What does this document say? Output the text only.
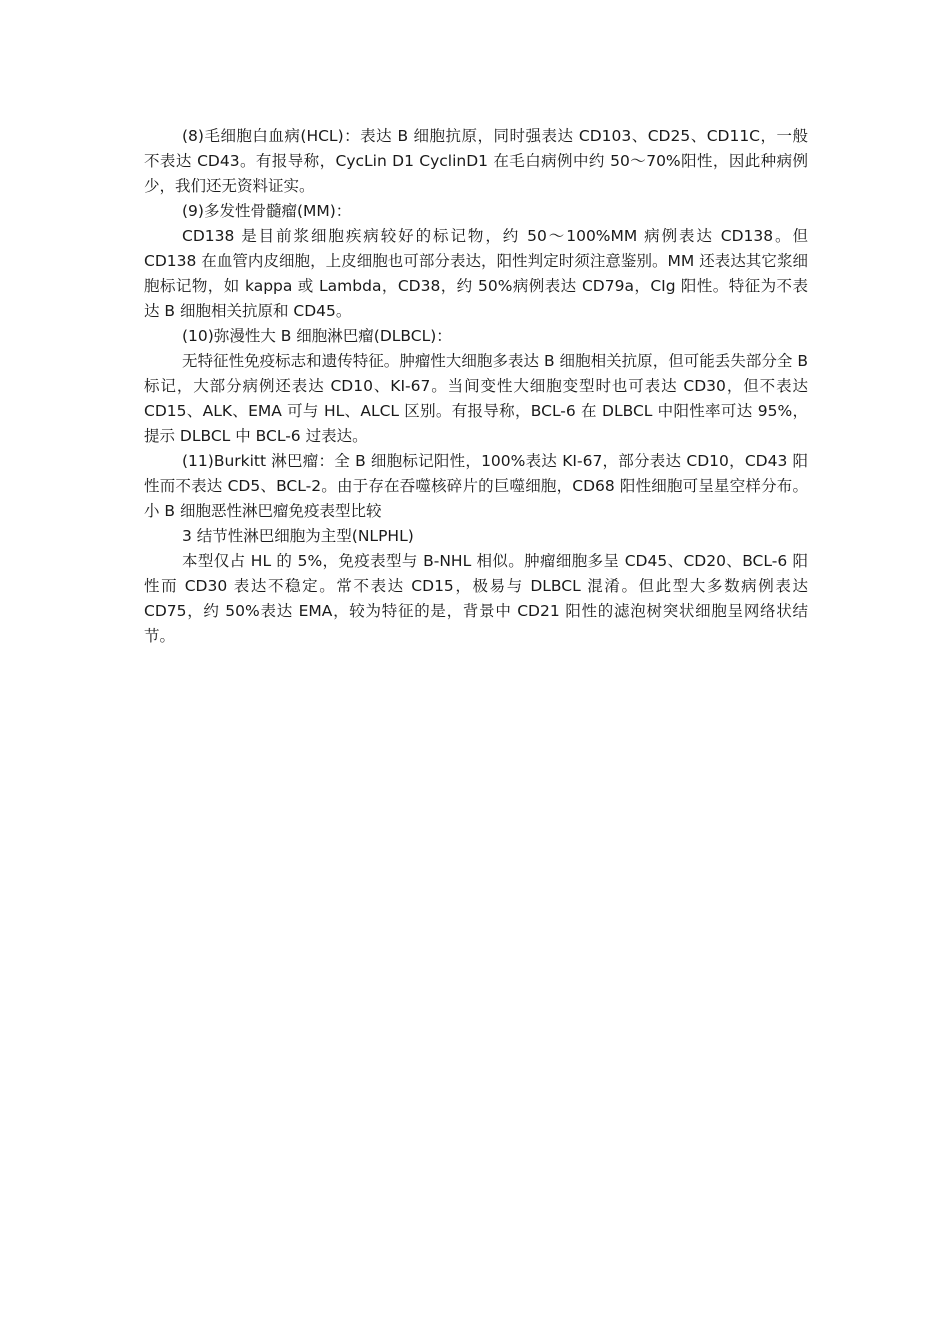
(8)毛细胞白血病(HCL)：表达 B 细胞抗原，同时强表达 CD103、CD25、CD11C，一般不表达 CD43。有报导称，CycLin D1 CyclinD1 在毛白病例中约 50～70%阳性，因此种病例少，我们还无资料证实。

(9)多发性骨髓瘤(MM)：

CD138 是目前浆细胞疾病较好的标记物，约 50～100%MM 病例表达 CD138。但 CD138 在血管内皮细胞，上皮细胞也可部分表达，阳性判定时须注意鉴别。MM 还表达其它浆细胞标记物，如 kappa 或 Lambda，CD38，约 50%病例表达 CD79a，CIg 阳性。特征为不表达 B 细胞相关抗原和 CD45。

(10)弥漫性大 B 细胞淋巴瘤(DLBCL)：

无特征性免疫标志和遗传特征。肿瘤性大细胞多表达 B 细胞相关抗原，但可能丢失部分全 B 标记，大部分病例还表达 CD10、KI-67。当间变性大细胞变型时也可表达 CD30，但不表达 CD15、ALK、EMA 可与 HL、ALCL 区别。有报导称，BCL-6 在 DLBCL 中阳性率可达 95%，提示 DLBCL 中 BCL-6 过表达。

(11)Burkitt 淋巴瘤：全 B 细胞标记阳性，100%表达 KI-67，部分表达 CD10，CD43 阳性而不表达 CD5、BCL-2。由于存在吞噬核碎片的巨噬细胞，CD68 阳性细胞可呈星空样分布。 小 B 细胞恶性淋巴瘤免疫表型比较

3 结节性淋巴细胞为主型(NLPHL)

本型仅占 HL 的 5%，免疫表型与 B-NHL 相似。肿瘤细胞多呈 CD45、CD20、BCL-6 阳性而 CD30 表达不稳定。常不表达 CD15，极易与 DLBCL 混淆。但此型大多数病例表达 CD75，约 50%表达 EMA，较为特征的是，背景中 CD21 阳性的滤泡树突状细胞呈网络状结节。
